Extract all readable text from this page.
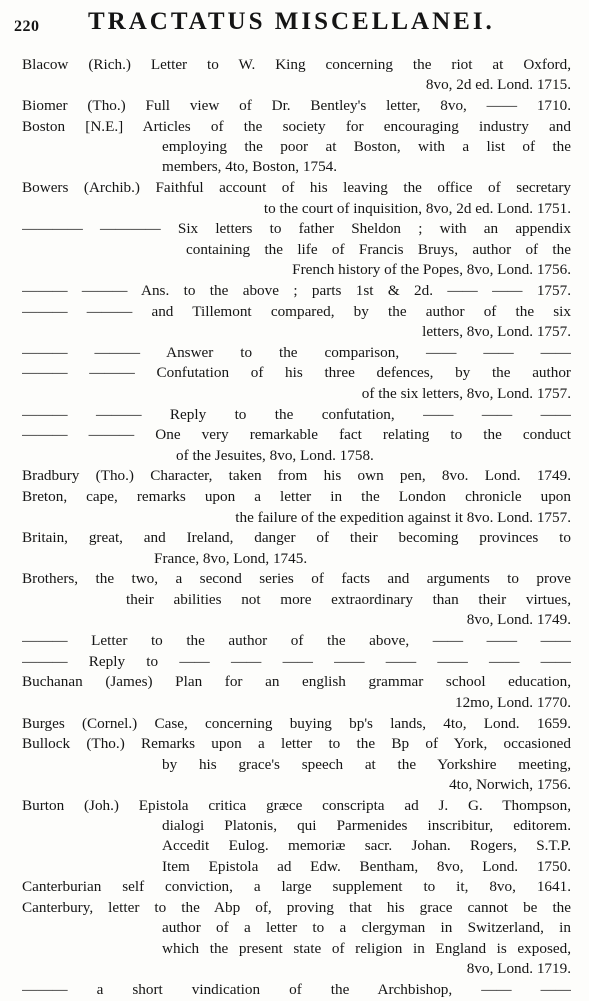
220 TRACTATUS MISCELLANEI.
Blacow (Rich.) Letter to W. King concerning the riot at Oxford,
8vo, 2d ed. Lond. 1715.
Biomer (Tho.) Full view of Dr. Bentley's letter, 8vo, —— 1710.
Boston [N.E.] Articles of the society for encouraging industry and
employing the poor at Boston, with a list of the
members, 4to, Boston, 1754.
Bowers (Archib.) Faithful account of his leaving the office of secretary
to the court of inquisition, 8vo, 2d ed. Lond. 1751.
———— ———— Six letters to father Sheldon ; with an appendix
containing the life of Francis Bruys, author of the
French history of the Popes, 8vo, Lond. 1756.
——— ——— Ans. to the above ; parts 1st & 2d. —— —— 1757.
——— ——— and Tillemont compared, by the author of the six
letters, 8vo, Lond. 1757.
——— ——— Answer to the comparison, —— —— ——
——— ——— Confutation of his three defences, by the author
of the six letters, 8vo, Lond. 1757.
——— ——— Reply to the confutation, —— —— ——
——— ——— One very remarkable fact relating to the conduct
of the Jesuites, 8vo, Lond. 1758.
Bradbury (Tho.) Character, taken from his own pen, 8vo. Lond. 1749.
Breton, cape, remarks upon a letter in the London chronicle upon
the failure of the expedition against it 8vo. Lond. 1757.
Britain, great, and Ireland, danger of their becoming provinces to
France, 8vo, Lond, 1745.
Brothers, the two, a second series of facts and arguments to prove
their abilities not more extraordinary than their virtues,
8vo, Lond. 1749.
——— Letter to the author of the above, —— —— ——
——— Reply to —— —— —— —— —— —— —— ——
Buchanan (James) Plan for an english grammar school education,
12mo, Lond. 1770.
Burges (Cornel.) Case, concerning buying bp's lands, 4to, Lond. 1659.
Bullock (Tho.) Remarks upon a letter to the Bp of York, occasioned
by his grace's speech at the Yorkshire meeting,
4to, Norwich, 1756.
Burton (Joh.) Epistola critica græce conscripta ad J. G. Thompson,
dialogi Platonis, qui Parmenides inscribitur, editorem.
Accedit Eulog. memoriæ sacr. Johan. Rogers, S.T.P.
Item Epistola ad Edw. Bentham, 8vo, Lond. 1750.
Canterburian self conviction, a large supplement to it, 8vo, 1641.
Canterbury, letter to the Abp of, proving that his grace cannot be the
author of a letter to a clergyman in Switzerland, in
which the present state of religion in England is exposed,
8vo, Lond. 1719.
——— a short vindication of the Archbishop, —— ——
